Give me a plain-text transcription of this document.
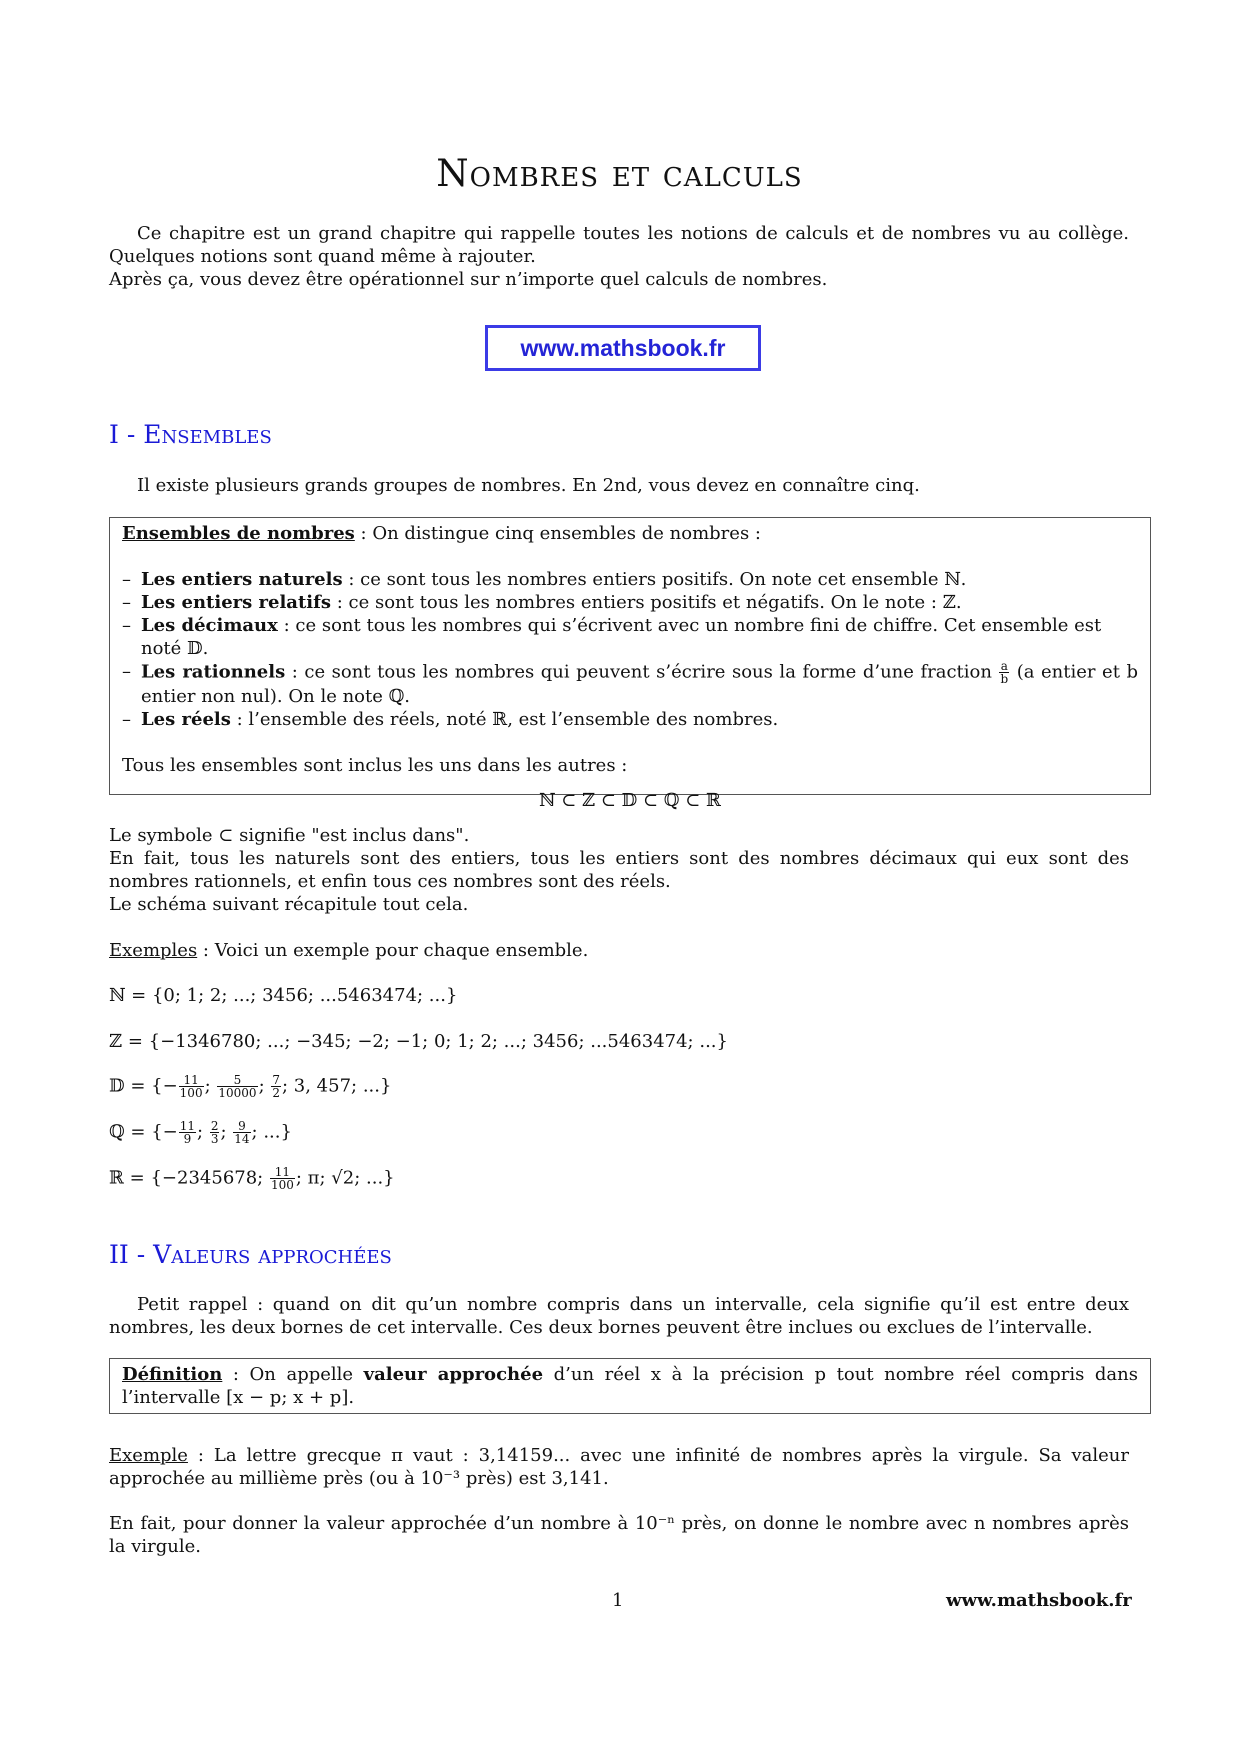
Nombres et calculs

Ce chapitre est un grand chapitre qui rappelle toutes les notions de calculs et de nombres vu au collège. Quelques notions sont quand même à rajouter.

Après ça, vous devez être opérationnel sur n’importe quel calculs de nombres.

www.mathsbook.fr
I - Ensembles

Il existe plusieurs grands groupes de nombres. En 2nd, vous devez en connaître cinq.

Ensembles de nombres : On distingue cinq ensembles de nombres :

– Les entiers naturels : ce sont tous les nombres entiers positifs. On note cet ensemble ℕ.
– Les entiers relatifs : ce sont tous les nombres entiers positifs et négatifs. On le note : ℤ.
– Les décimaux : ce sont tous les nombres qui s’écrivent avec un nombre fini de chiffre. Cet ensemble est noté 𝔻.
– Les rationnels : ce sont tous les nombres qui peuvent s’écrire sous la forme d’une fraction $\frac{a}{b} (a$ entier et b entier non nul). On le note ℚ.
– Les réels : l’ensemble des réels, noté ℝ, est l’ensemble des nombres.

Tous les ensembles sont inclus les uns dans les autres :

ℕ ⊂ ℤ ⊂ 𝔻 ⊂ ℚ ⊂ ℝ

Le symbole ⊂ signifie "est inclus dans".

En fait, tous les naturels sont des entiers, tous les entiers sont des nombres décimaux qui eux sont des nombres rationnels, et enfin tous ces nombres sont des réels.

Le schéma suivant récapitule tout cela.

Exemples : Voici un exemple pour chaque ensemble.

ℕ = {0; 1; 2; ...; 3456; ...5463474; ...}
ℤ = {−1346780; ...; −345; −2; −1; 0; 1; 2; ...; 3456; ...5463474; ...}
𝔻 = {− $\frac{11}{100}$ ; $\frac{5}{10000}$ ; $\frac{7}{2}$ ; 3, 457; ...}
ℚ = {− $\frac{11}{9}$ ; $\frac{2}{3}$ ; $\frac{9}{14}$ ; ...}
ℝ = {−2345678; $\frac{11}{100}$ ; π; √2; ...}
II - Valeurs approchées

Petit rappel : quand on dit qu’un nombre compris dans un intervalle, cela signifie qu’il est entre deux nombres, les deux bornes de cet intervalle. Ces deux bornes peuvent être inclues ou exclues de l’intervalle.

Définition : On appelle valeur approchée d’un réel x à la précision p tout nombre réel compris dans l’intervalle [x − p; x + p].

Exemple : La lettre grecque π vaut : 3,14159... avec une infinité de nombres après la virgule. Sa valeur approchée au millième près (ou à 10⁻³ près) est 3,141.

En fait, pour donner la valeur approchée d’un nombre à 10⁻ⁿ près, on donne le nombre avec n nombres après la virgule.

1	www.mathsbook.fr
